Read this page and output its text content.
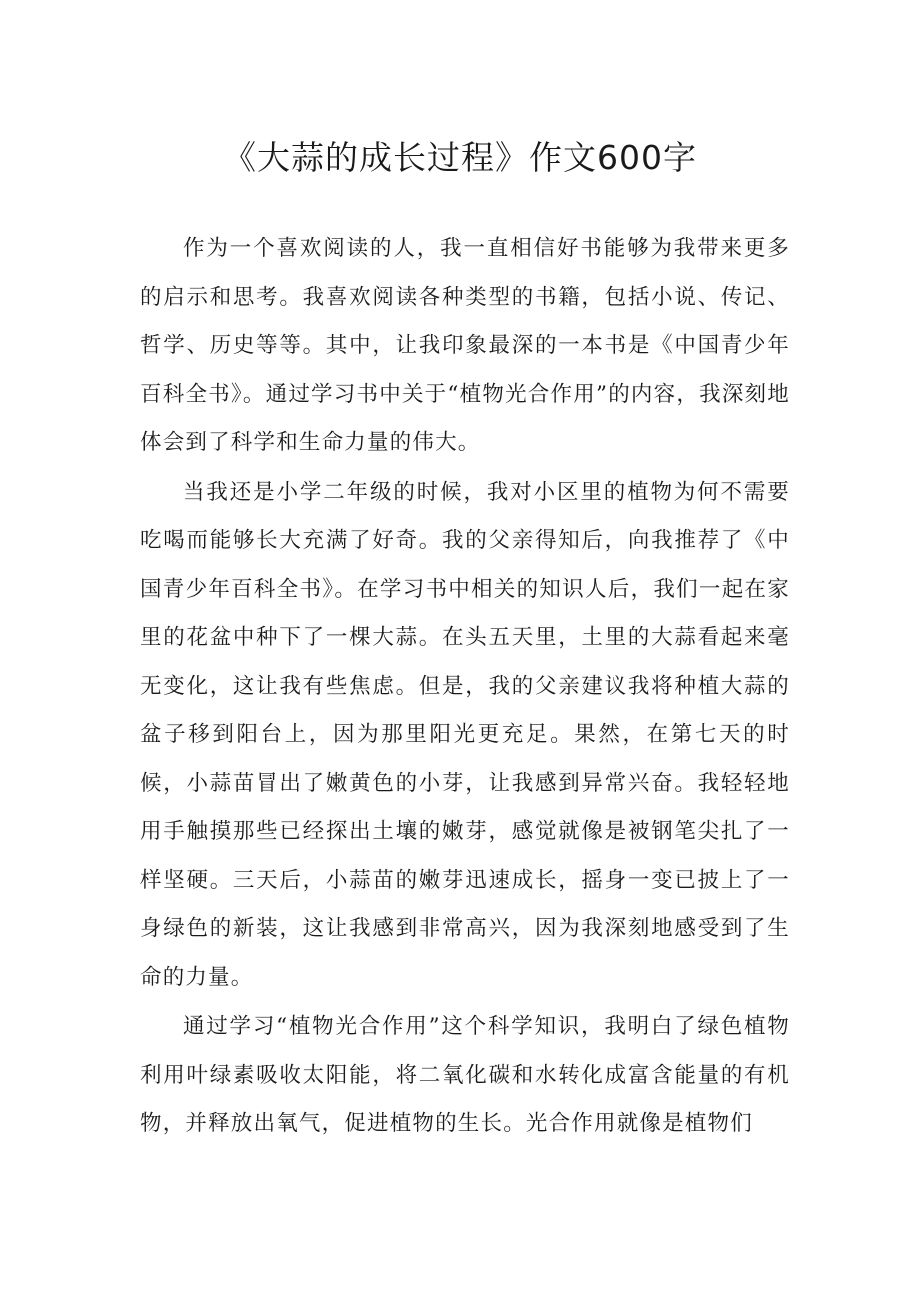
《大蒜的成长过程》作文600字

作为一个喜欢阅读的人，我一直相信好书能够为我带来更多的启示和思考。我喜欢阅读各种类型的书籍，包括小说、传记、哲学、历史等等。其中，让我印象最深的一本书是《中国青少年百科全书》。通过学习书中关于“植物光合作用”的内容，我深刻地体会到了科学和生命力量的伟大。

当我还是小学二年级的时候，我对小区里的植物为何不需要吃喝而能够长大充满了好奇。我的父亲得知后，向我推荐了《中国青少年百科全书》。在学习书中相关的知识人后，我们一起在家里的花盆中种下了一棵大蒜。在头五天里，土里的大蒜看起来毫无变化，这让我有些焦虑。但是，我的父亲建议我将种植大蒜的盆子移到阳台上，因为那里阳光更充足。果然，在第七天的时候，小蒜苗冒出了嫩黄色的小芽，让我感到异常兴奋。我轻轻地用手触摸那些已经探出土壤的嫩芽，感觉就像是被钢笔尖扎了一样坚硬。三天后，小蒜苗的嫩芽迅速成长，摇身一变已披上了一身绿色的新装，这让我感到非常高兴，因为我深刻地感受到了生命的力量。

通过学习“植物光合作用”这个科学知识，我明白了绿色植物利用叶绿素吸收太阳能，将二氧化碳和水转化成富含能量的有机物，并释放出氧气，促进植物的生长。光合作用就像是植物们
